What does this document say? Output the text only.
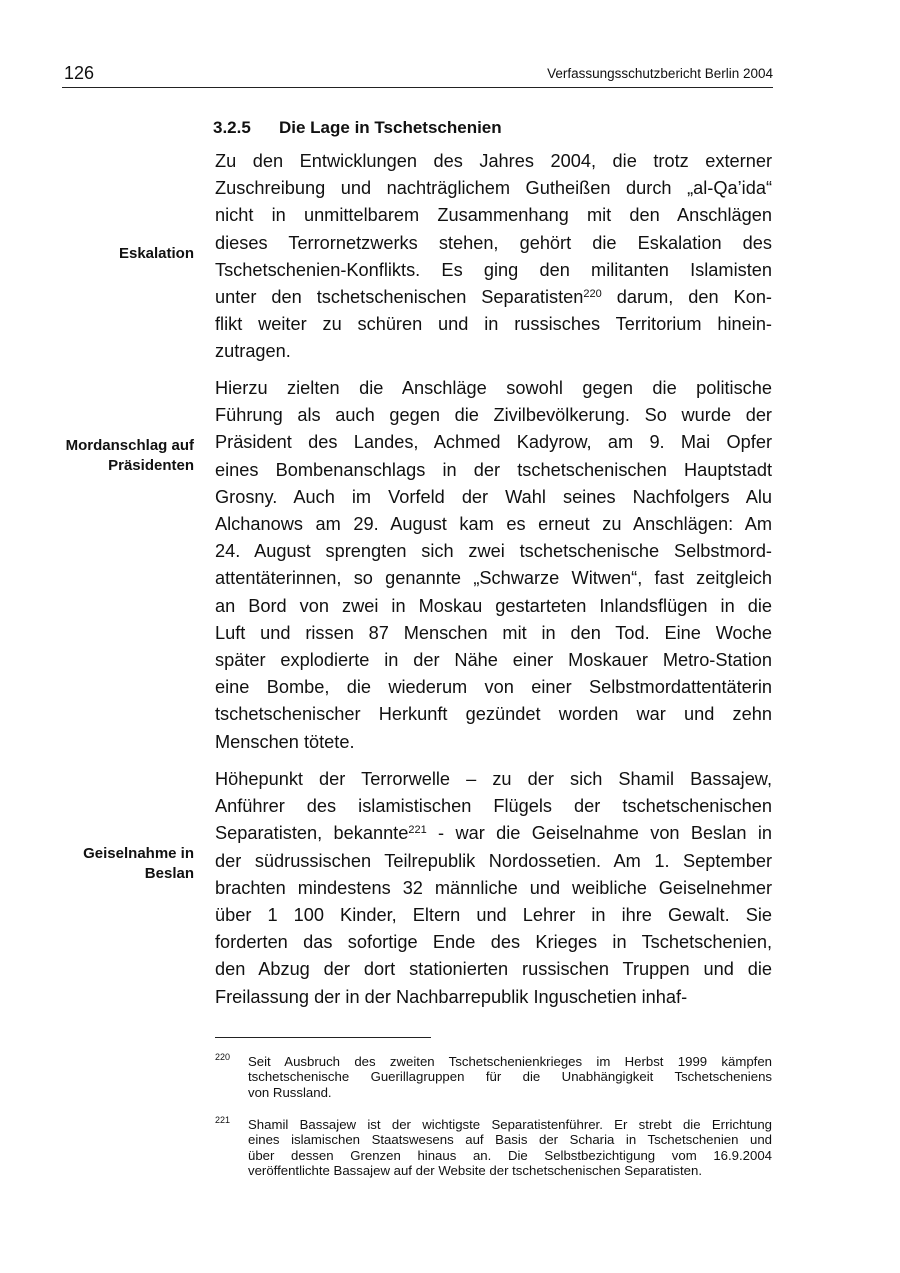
126	Verfassungsschutzbericht Berlin 2004
3.2.5 Die Lage in Tschetschenien
Eskalation
Mordanschlag auf
Präsidenten
Geiselnahme in
Beslan
Zu den Entwicklungen des Jahres 2004, die trotz externer
Zuschreibung und nachträglichem Gutheißen durch „al-Qa’ida“
nicht in unmittelbarem Zusammenhang mit den Anschlägen
dieses Terrornetzwerks stehen, gehört die Eskalation des
Tschetschenien-Konflikts. Es ging den militanten Islamisten
unter den tschetschenischen Separatisten$^{220}$ darum, den Kon-
flikt weiter zu schüren und in russisches Territorium hinein-
zutragen.
Hierzu zielten die Anschläge sowohl gegen die politische
Führung als auch gegen die Zivilbevölkerung. So wurde der
Präsident des Landes, Achmed Kadyrow, am 9. Mai Opfer
eines Bombenanschlags in der tschetschenischen Hauptstadt
Grosny. Auch im Vorfeld der Wahl seines Nachfolgers Alu
Alchanows am 29. August kam es erneut zu Anschlägen: Am
24. August sprengten sich zwei tschetschenische Selbstmord-
attentäterinnen, so genannte „Schwarze Witwen“, fast zeitgleich
an Bord von zwei in Moskau gestarteten Inlandsflügen in die
Luft und rissen 87 Menschen mit in den Tod. Eine Woche
später explodierte in der Nähe einer Moskauer Metro-Station
eine Bombe, die wiederum von einer Selbstmordattentäterin
tschetschenischer Herkunft gezündet worden war und zehn
Menschen tötete.
Höhepunkt der Terrorwelle – zu der sich Shamil Bassajew,
Anführer des islamistischen Flügels der tschetschenischen
Separatisten, bekannte$^{221}$ - war die Geiselnahme von Beslan in
der südrussischen Teilrepublik Nordossetien. Am 1. September
brachten mindestens 32 männliche und weibliche Geiselnehmer
über 1 100 Kinder, Eltern und Lehrer in ihre Gewalt. Sie
forderten das sofortige Ende des Krieges in Tschetschenien,
den Abzug der dort stationierten russischen Truppen und die
Freilassung der in der Nachbarrepublik Inguschetien inhaf-
220 Seit Ausbruch des zweiten Tschetschenienkrieges im Herbst 1999 kämpfen
tschetschenische Guerillagruppen für die Unabhängigkeit Tschetscheniens
von Russland.
221 Shamil Bassajew ist der wichtigste Separatistenführer. Er strebt die Errichtung
eines islamischen Staatswesens auf Basis der Scharia in Tschetschenien und
über dessen Grenzen hinaus an. Die Selbstbezichtigung vom 16.9.2004
veröffentlichte Bassajew auf der Website der tschetschenischen Separatisten.
